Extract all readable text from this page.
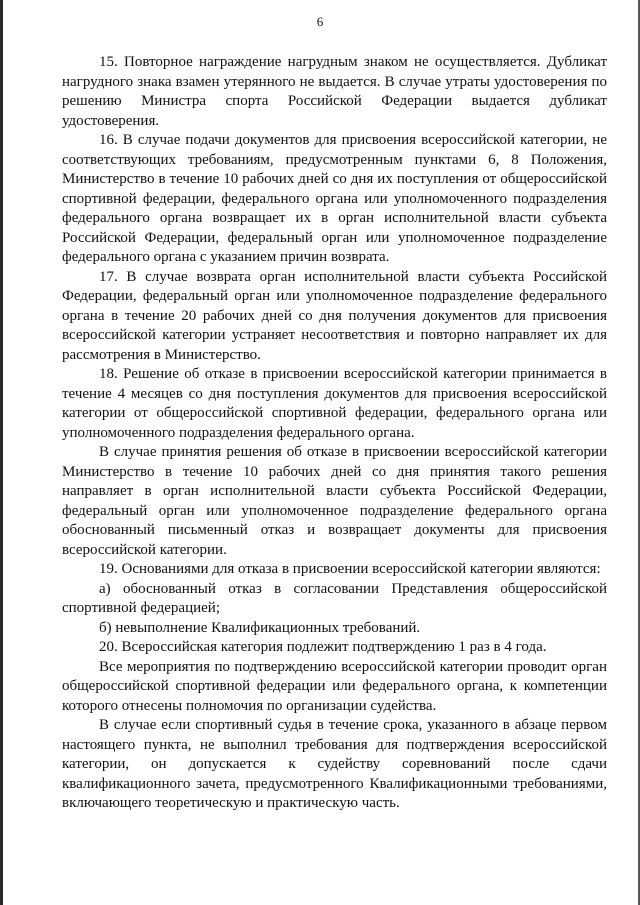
6

15. Повторное награждение нагрудным знаком не осуществляется. Дубликат нагрудного знака взамен утерянного не выдается. В случае утраты удостоверения по решению Министра спорта Российской Федерации выдается дубликат удостоверения.

16. В случае подачи документов для присвоения всероссийской категории, не соответствующих требованиям, предусмотренным пунктами 6, 8 Положения, Министерство в течение 10 рабочих дней со дня их поступления от общероссийской спортивной федерации, федерального органа или уполномоченного подразделения федерального органа возвращает их в орган исполнительной власти субъекта Российской Федерации, федеральный орган или уполномоченное подразделение федерального органа с указанием причин возврата.

17. В случае возврата орган исполнительной власти субъекта Российской Федерации, федеральный орган или уполномоченное подразделение федерального органа в течение 20 рабочих дней со дня получения документов для присвоения всероссийской категории устраняет несоответствия и повторно направляет их для рассмотрения в Министерство.

18. Решение об отказе в присвоении всероссийской категории принимается в течение 4 месяцев со дня поступления документов для присвоения всероссийской категории от общероссийской спортивной федерации, федерального органа или уполномоченного подразделения федерального органа.

В случае принятия решения об отказе в присвоении всероссийской категории Министерство в течение 10 рабочих дней со дня принятия такого решения направляет в орган исполнительной власти субъекта Российской Федерации, федеральный орган или уполномоченное подразделение федерального органа обоснованный письменный отказ и возвращает документы для присвоения всероссийской категории.

19. Основаниями для отказа в присвоении всероссийской категории являются:

а) обоснованный отказ в согласовании Представления общероссийской спортивной федерацией;

б) невыполнение Квалификационных требований.

20. Всероссийская категория подлежит подтверждению 1 раз в 4 года.

Все мероприятия по подтверждению всероссийской категории проводит орган общероссийской спортивной федерации или федерального органа, к компетенции которого отнесены полномочия по организации судейства.

В случае если спортивный судья в течение срока, указанного в абзаце первом настоящего пункта, не выполнил требования для подтверждения всероссийской категории, он допускается к судейству соревнований после сдачи квалификационного зачета, предусмотренного Квалификационными требованиями, включающего теоретическую и практическую часть.
